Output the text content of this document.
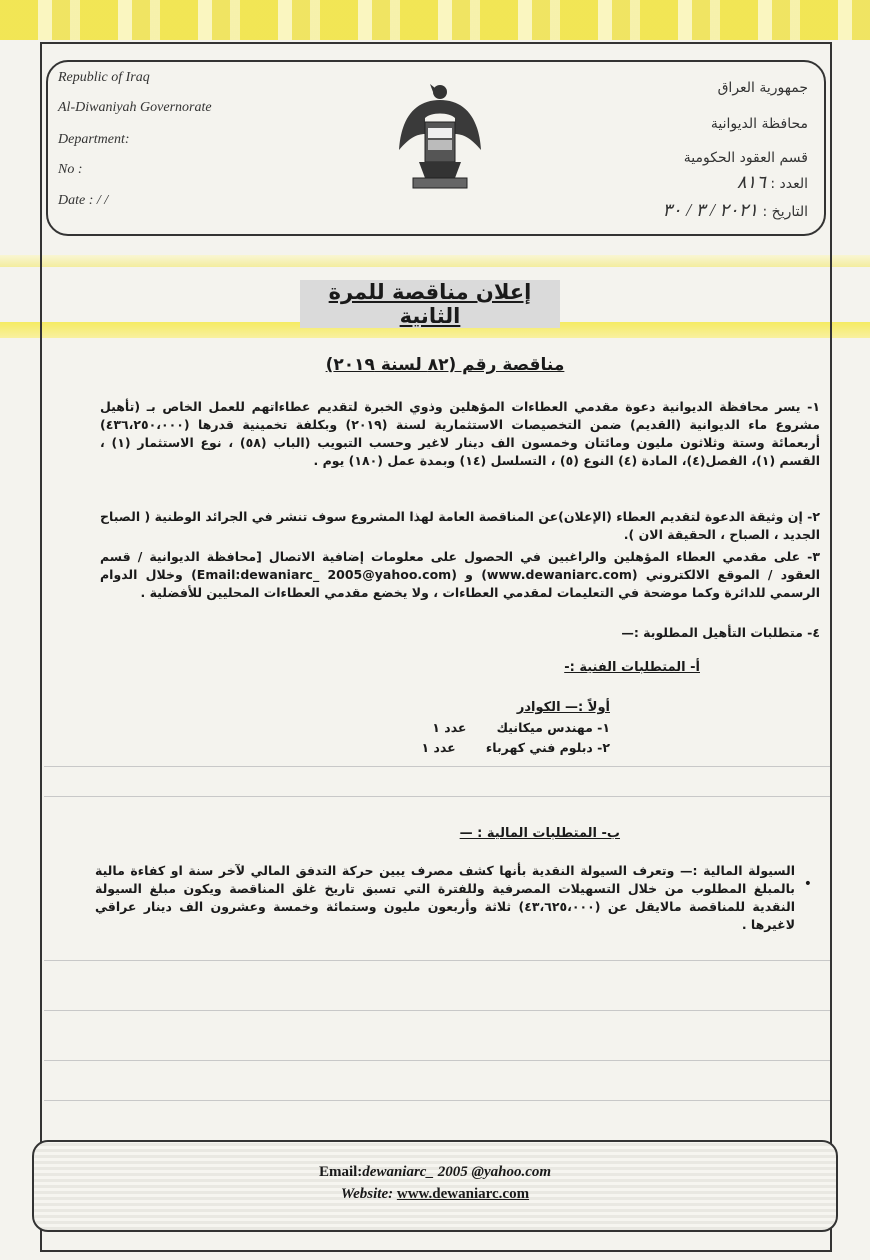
Republic of Iraq
Al-Diwaniyah Governorate
Department:
No :
Date : / /
جمهورية العراق
محافظة الديوانية
قسم العقود الحكومية
العدد : ٨١٦
التاريخ : ٢٠٢١ / ٣ / ٣٠
إعلان مناقصة للمرة الثانية
مناقصة رقم (٨٢ لسنة ٢٠١٩)
١- يسر محافظة الديوانية دعوة مقدمي العطاءات المؤهلين وذوي الخبرة لتقديم عطاءاتهم للعمل الخاص بـ (تأهيل مشروع ماء الديوانية (القديم) ضمن التخصيصات الاستثمارية لسنة (٢٠١٩) وبكلفة تخمينية قدرها (٤٣٦،٢٥٠،٠٠٠) أربعمائة وستة وثلاثون مليون ومائتان وخمسون الف دينار لاغير وحسب التبويب (الباب (٥٨) ، نوع الاستثمار (١) ، القسم (١)، الفصل(٤)، المادة (٤) النوع (٥) ، التسلسل (١٤) وبمدة عمل (١٨٠) يوم .
٢- إن وثيقة الدعوة لتقديم العطاء (الإعلان)عن المناقصة العامة لهذا المشروع سوف تنشر في الجرائد الوطنية ( الصباح الجديد ، الصباح ، الحقيقة الان ).
٣- على مقدمي العطاء المؤهلين والراغبين في الحصول على معلومات إضافية الاتصال [محافظة الديوانية / قسم العقود / الموقع الالكتروني (www.dewaniarc.com) و (Email:dewaniarc_ 2005@yahoo.com) وخلال الدوام الرسمي للدائرة وكما موضحة في التعليمات لمقدمي العطاءات ، ولا يخضع مقدمي العطاءات المحليين للأفضلية .
٤- متطلبات التأهيل المطلوبة :—
أ- المتطلبات الفنية :-
أولاً :— الكوادر
١- مهندس ميكانيك عدد ١
٢- دبلوم فني كهرباء عدد ١
ب- المتطلبات المالية : —
السيولة المالية :— وتعرف السيولة النقدية بأنها كشف مصرف يبين حركة التدفق المالي لآخر سنة او كفاءة مالية بالمبلغ المطلوب من خلال التسهيلات المصرفية وللفترة التي تسبق تاريخ غلق المناقصة ويكون مبلغ السيولة النقدية للمناقصة مالايقل عن (٤٣،٦٢٥،٠٠٠) ثلاثة وأربعون مليون وستمائة وخمسة وعشرون الف دينار عراقي لاغيرها .
•
Email:dewaniarc_ 2005 @yahoo.com
Website: www.dewaniarc.com
